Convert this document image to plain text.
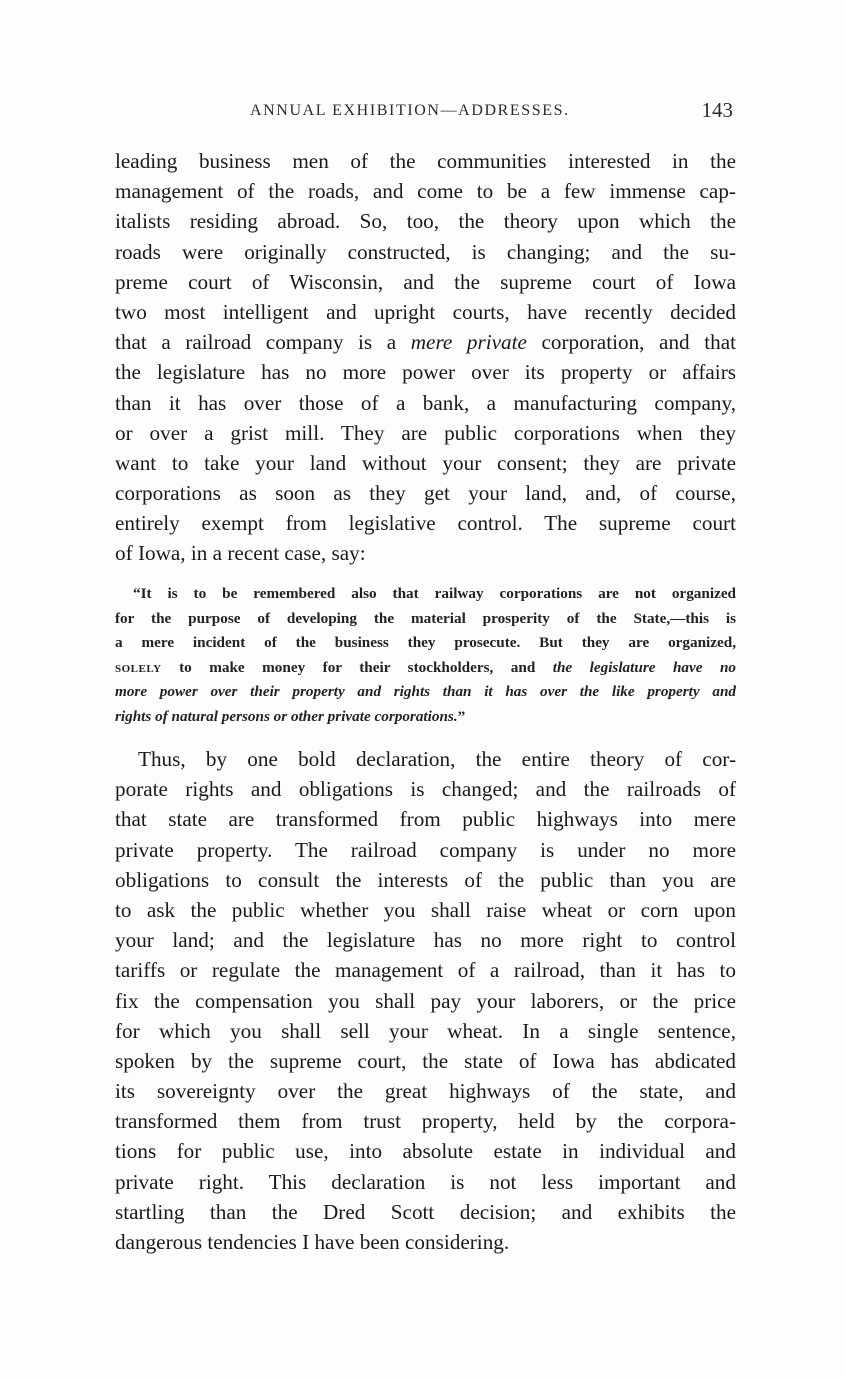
ANNUAL EXHIBITION—ADDRESSES.	143
leading business men of the communities interested in the
management of the roads, and come to be a few immense cap-
italists residing abroad. So, too, the theory upon which the
roads were originally constructed, is changing; and the su-
preme court of Wisconsin, and the supreme court of Iowa
two most intelligent and upright courts, have recently decided
that a railroad company is a mere private corporation, and that
the legislature has no more power over its property or affairs
than it has over those of a bank, a manufacturing company,
or over a grist mill. They are public corporations when they
want to take your land without your consent; they are private
corporations as soon as they get your land, and, of course,
entirely exempt from legislative control. The supreme court
of Iowa, in a recent case, say:
“It is to be remembered also that railway corporations are not organized
for the purpose of developing the material prosperity of the State,—this is
a mere incident of the business they prosecute. But they are organized,
solely to make money for their stockholders, and the legislature have no
more power over their property and rights than it has over the like property and
rights of natural persons or other private corporations.”
Thus, by one bold declaration, the entire theory of cor-
porate rights and obligations is changed; and the railroads of
that state are transformed from public highways into mere
private property. The railroad company is under no more
obligations to consult the interests of the public than you are
to ask the public whether you shall raise wheat or corn upon
your land; and the legislature has no more right to control
tariffs or regulate the management of a railroad, than it has to
fix the compensation you shall pay your laborers, or the price
for which you shall sell your wheat. In a single sentence,
spoken by the supreme court, the state of Iowa has abdicated
its sovereignty over the great highways of the state, and
transformed them from trust property, held by the corpora-
tions for public use, into absolute estate in individual and
private right. This declaration is not less important and
startling than the Dred Scott decision; and exhibits the
dangerous tendencies I have been considering.
